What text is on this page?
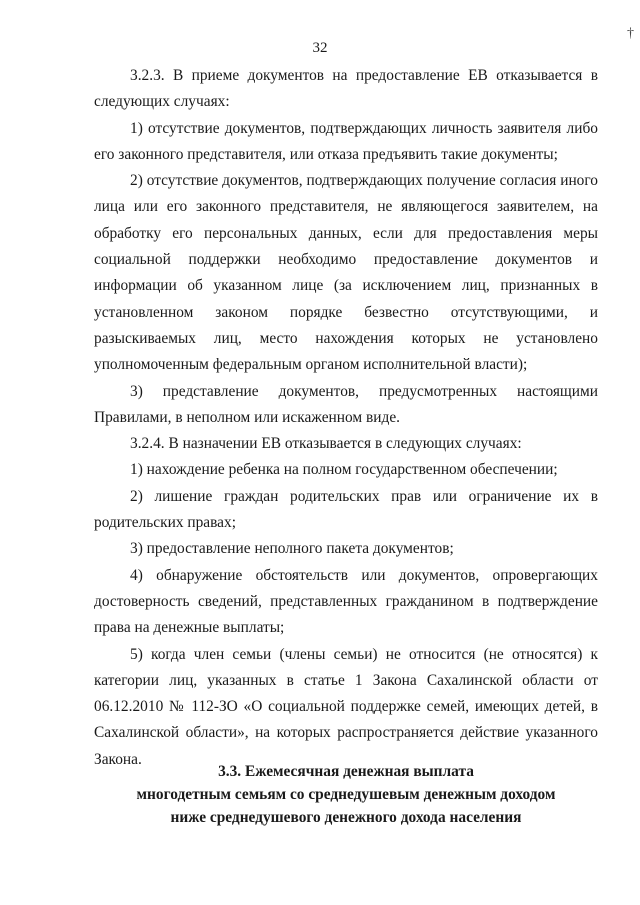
†
32

3.2.3. В приеме документов на предоставление ЕВ отказывается в следующих случаях:

1) отсутствие документов, подтверждающих личность заявителя либо его законного представителя, или отказа предъявить такие документы;

2) отсутствие документов, подтверждающих получение согласия иного лица или его законного представителя, не являющегося заявителем, на обработку его персональных данных, если для предоставления меры социальной поддержки необходимо предоставление документов и информации об указанном лице (за исключением лиц, признанных в установленном законом порядке безвестно отсутствующими, и разыскиваемых лиц, место нахождения которых не установлено уполномоченным федеральным органом исполнительной власти);

3) представление документов, предусмотренных настоящими Правилами, в неполном или искаженном виде.

3.2.4. В назначении ЕВ отказывается в следующих случаях:

1) нахождение ребенка на полном государственном обеспечении;

2) лишение граждан родительских прав или ограничение их в родительских правах;

3) предоставление неполного пакета документов;

4) обнаружение обстоятельств или документов, опровергающих достоверность сведений, представленных гражданином в подтверждение права на денежные выплаты;

5) когда член семьи (члены семьи) не относится (не относятся) к категории лиц, указанных в статье 1 Закона Сахалинской области от 06.12.2010 № 112-ЗО «О социальной поддержке семей, имеющих детей, в Сахалинской области», на которых распространяется действие указанного Закона.

3.3. Ежемесячная денежная выплата
многодетным семьям со среднедушевым денежным доходом
ниже среднедушевого денежного дохода населения
